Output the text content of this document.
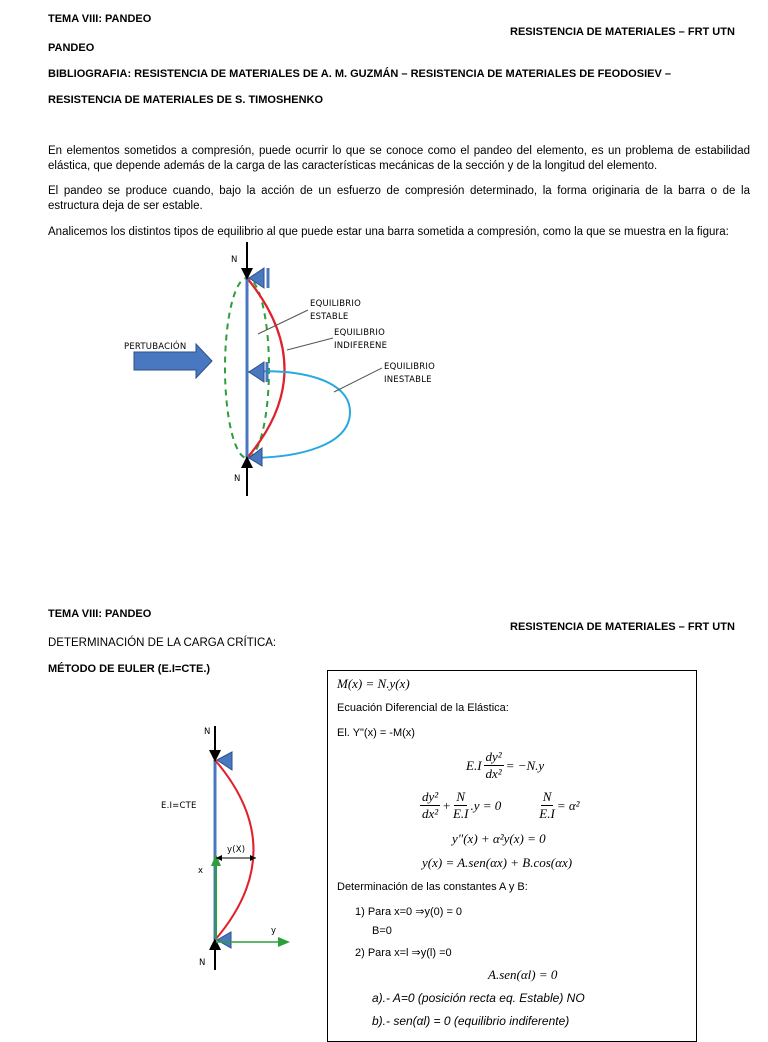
TEMA VIII: PANDEO
RESISTENCIA DE MATERIALES – FRT UTN
PANDEO
BIBLIOGRAFIA: RESISTENCIA DE MATERIALES DE A. M. GUZMÁN – RESISTENCIA DE MATERIALES DE FEODOSIEV –
RESISTENCIA DE MATERIALES DE S. TIMOSHENKO
En elementos sometidos a compresión, puede ocurrir lo que se conoce como el pandeo del elemento, es un problema de estabilidad elástica, que depende además de la carga de las características mecánicas de la sección y de la longitud del elemento.
El pandeo se produce cuando, bajo la acción de un esfuerzo de compresión determinado, la forma originaria de la barra o de la estructura deja de ser estable.
Analicemos los distintos tipos de equilibrio al que puede estar una barra sometida a compresión, como la que se muestra en la figura:
N
N
PERTUBACIÓN
EQUILIBRIO
ESTABLE
EQUILIBRIO
INDIFERENE
EQUILIBRIO
INESTABLE
TEMA VIII: PANDEO
RESISTENCIA DE MATERIALES – FRT UTN
DETERMINACIÓN DE LA CARGA CRÍTICA:
MÉTODO DE EULER (E.I=CTE.)
N
N
E.I=CTE
y(X)
x
y
M(x) = N.y(x)
Ecuación Diferencial de la Elástica:
El. Y"(x) = -M(x)
$E.I \frac{\text{dy²}}{\text{dx²}} = -N.y$
$\frac{\text{dy²}}{\text{dx²}} + \frac{N}{E.I} .y = 0$	$\frac{N}{E.I} = \alpha^2$
y"(x) + α²y(x) = 0
y(x) = A.sen(αx) + B.cos(αx)
Determinación de las constantes A y B:
1) Para x=0 ⇒y(0) = 0
B=0
2) Para x=l ⇒y(l) =0
A.sen(αl) = 0
a).- A=0 (posición recta eq. Estable) NO
b).- sen(αl) = 0 (equilibrio indiferente)
